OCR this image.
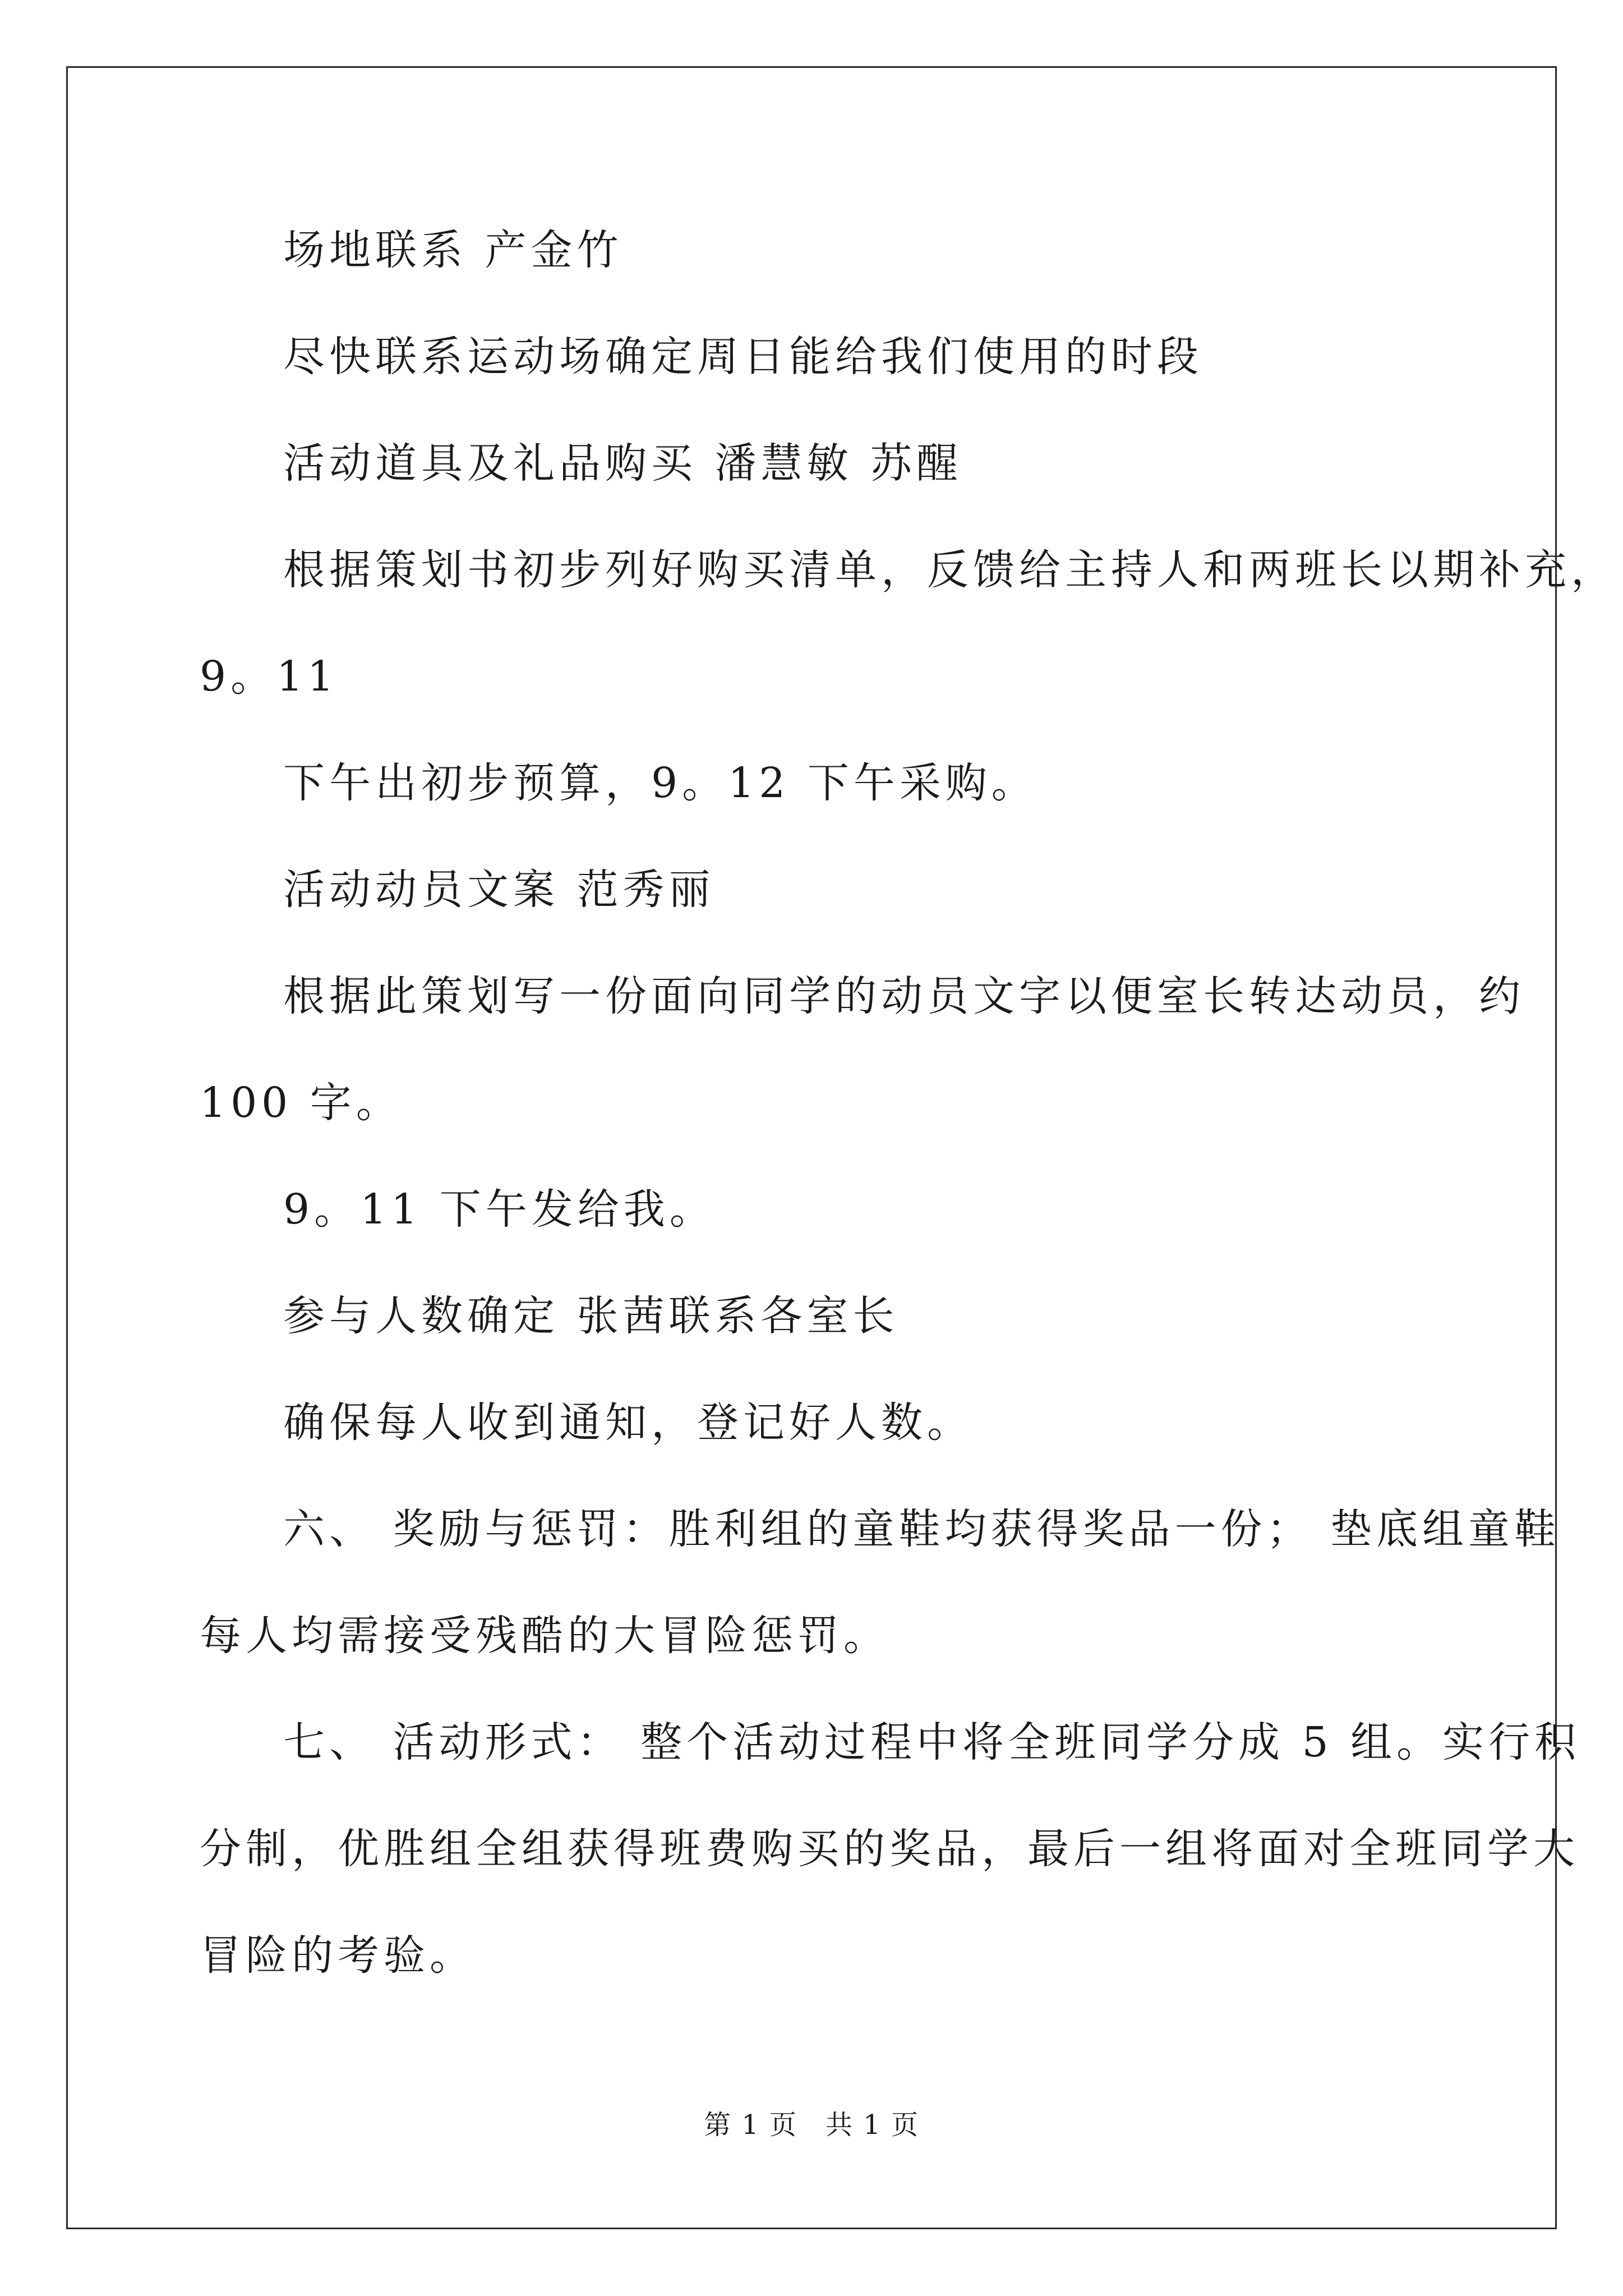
场地联系 产金竹
尽快联系运动场确定周日能给我们使用的时段
活动道具及礼品购买 潘慧敏 苏醒
根据策划书初步列好购买清单，反馈给主持人和两班长以期补充，
9。11
下午出初步预算，9。12 下午采购。
活动动员文案 范秀丽
根据此策划写一份面向同学的动员文字以便室长转达动员，约
100 字。
9。11 下午发给我。
参与人数确定 张茜联系各室长
确保每人收到通知，登记好人数。
六、 奖励与惩罚：胜利组的童鞋均获得奖品一份； 垫底组童鞋
每人均需接受残酷的大冒险惩罚。
七、 活动形式： 整个活动过程中将全班同学分成 5 组。实行积
分制，优胜组全组获得班费购买的奖品，最后一组将面对全班同学大
冒险的考验。
第 1 页　共 1 页
